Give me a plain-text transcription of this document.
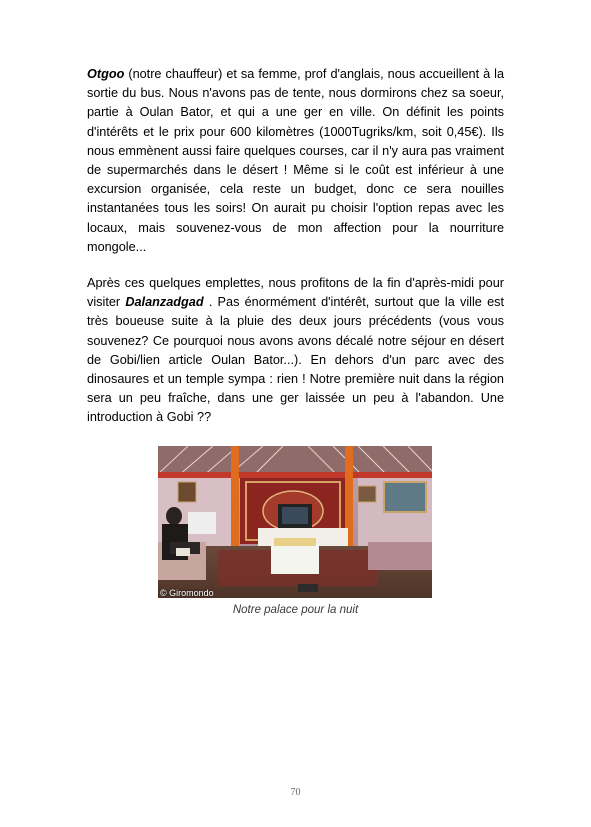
Otgoo (notre chauffeur) et sa femme, prof d'anglais, nous accueillent à la sortie du bus. Nous n'avons pas de tente, nous dormirons chez sa soeur, partie à Oulan Bator, et qui a une ger en ville. On définit les points d'intérêts et le prix pour 600 kilomètres (1000Tugriks/km, soit 0,45€). Ils nous emmènent aussi faire quelques courses, car il n'y aura pas vraiment de supermarchés dans le désert ! Même si le coût est inférieur à une excursion organisée, cela reste un budget, donc ce sera nouilles instantanées tous les soirs! On aurait pu choisir l'option repas avec les locaux, mais souvenez-vous de mon affection pour la nourriture mongole...

Après ces quelques emplettes, nous profitons de la fin d'après-midi pour visiter Dalanzadgad . Pas énormément d'intérêt, surtout que la ville est très boueuse suite à la pluie des deux jours précédents (vous vous souvenez? Ce pourquoi nous avons avons décalé notre séjour en désert de Gobi/lien article Oulan Bator...). En dehors d'un parc avec des dinosaures et un temple sympa : rien ! Notre première nuit dans la région sera un peu fraîche, dans une ger laissée un peu à l'abandon. Une introduction à Gobi ??

© Giromondo
Notre palace pour la nuit
70
